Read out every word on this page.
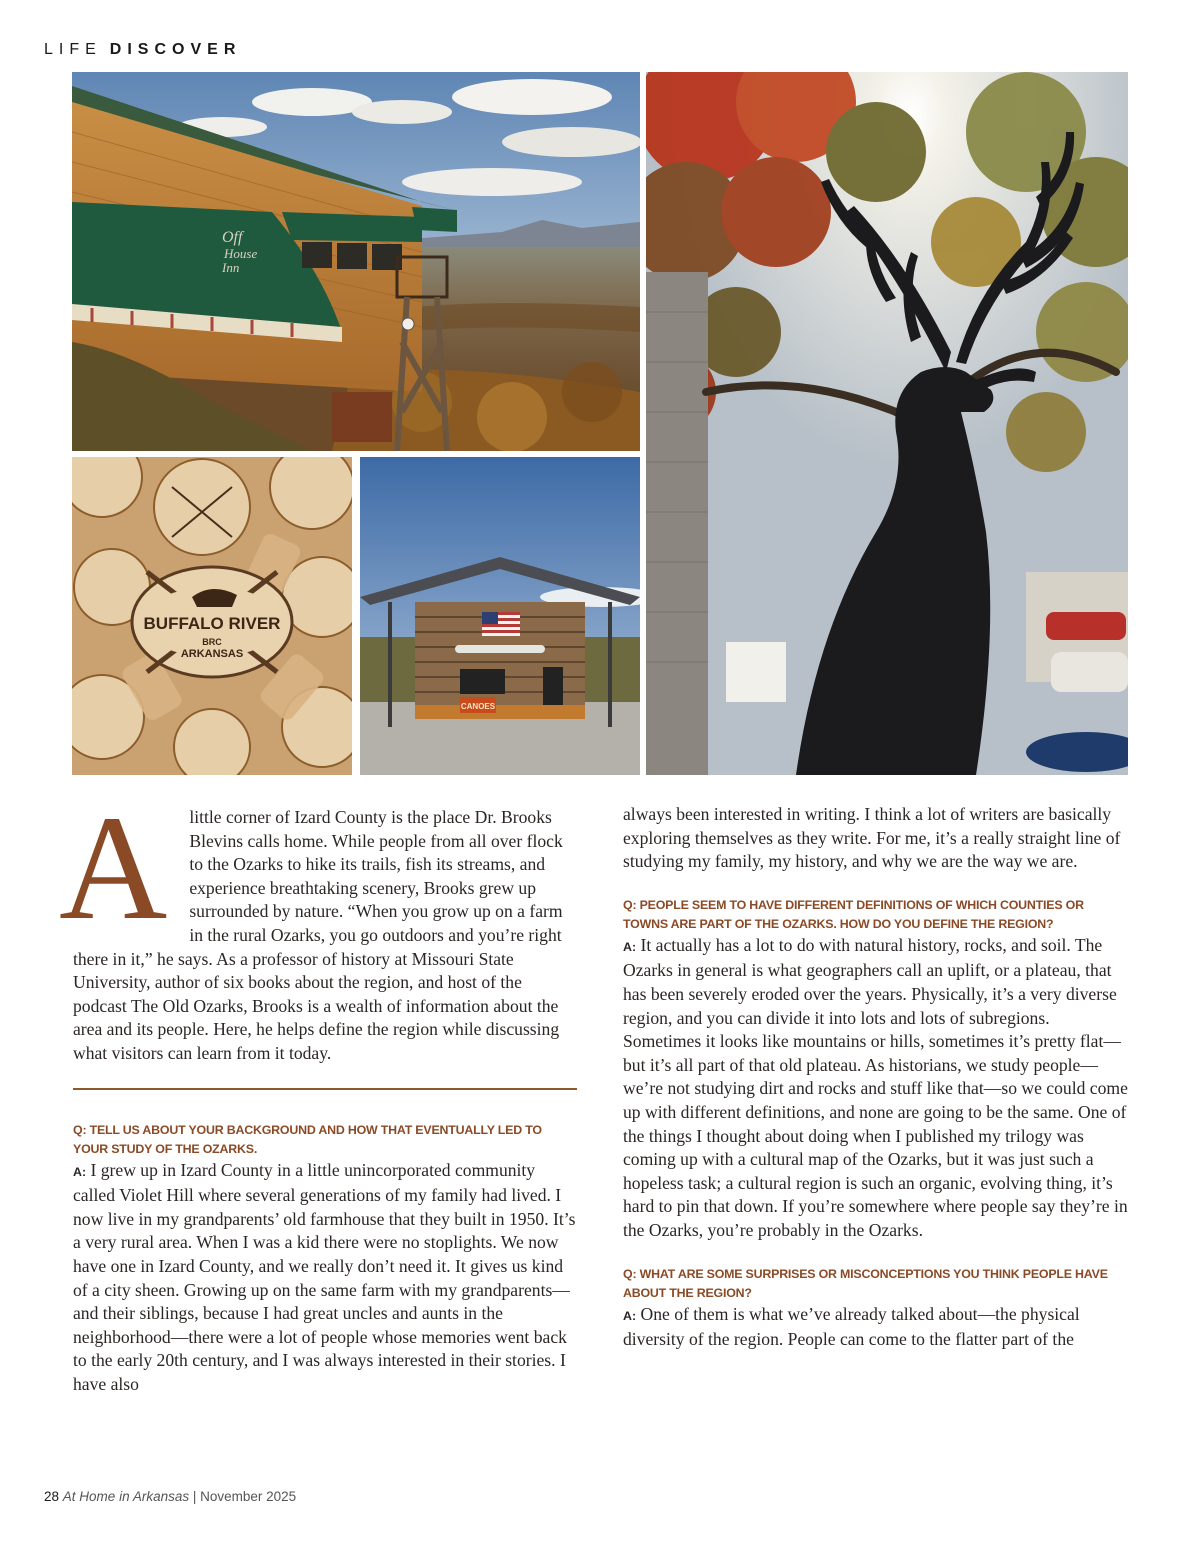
LIFE DISCOVER
Off
House
Inn
BUFFALO RIVER
BRC
ARKANSAS
CANOES

A little corner of Izard County is the place Dr. Brooks Blevins calls home. While people from all over flock to the Ozarks to hike its trails, fish its streams, and experience breathtaking scenery, Brooks grew up surrounded by nature. “When you grow up on a farm in the rural Ozarks, you go outdoors and you’re right there in it,” he says. As a professor of history at Missouri State University, author of six books about the region, and host of the podcast The Old Ozarks, Brooks is a wealth of information about the area and its people. Here, he helps define the region while discussing what visitors can learn from it today.

Q: TELL US ABOUT YOUR BACKGROUND AND HOW THAT EVENTUALLY LED TO YOUR STUDY OF THE OZARKS.

A: I grew up in Izard County in a little unincorporated community called Violet Hill where several generations of my family had lived. I now live in my grandparents’ old farmhouse that they built in 1950. It’s a very rural area. When I was a kid there were no stoplights. We now have one in Izard County, and we really don’t need it. It gives us kind of a city sheen. Growing up on the same farm with my grandparents—and their siblings, because I had great uncles and aunts in the neighborhood—there were a lot of people whose memories went back to the early 20th century, and I was always interested in their stories. I have also

always been interested in writing. I think a lot of writers are basically exploring themselves as they write. For me, it’s a really straight line of studying my family, my history, and why we are the way we are.

Q: PEOPLE SEEM TO HAVE DIFFERENT DEFINITIONS OF WHICH COUNTIES OR TOWNS ARE PART OF THE OZARKS. HOW DO YOU DEFINE THE REGION?

A: It actually has a lot to do with natural history, rocks, and soil. The Ozarks in general is what geographers call an uplift, or a plateau, that has been severely eroded over the years. Physically, it’s a very diverse region, and you can divide it into lots and lots of subregions. Sometimes it looks like mountains or hills, sometimes it’s pretty flat—but it’s all part of that old plateau. As historians, we study people—we’re not studying dirt and rocks and stuff like that—so we could come up with different definitions, and none are going to be the same. One of the things I thought about doing when I published my trilogy was coming up with a cultural map of the Ozarks, but it was just such a hopeless task; a cultural region is such an organic, evolving thing, it’s hard to pin that down. If you’re somewhere where people say they’re in the Ozarks, you’re probably in the Ozarks.

Q: WHAT ARE SOME SURPRISES OR MISCONCEPTIONS YOU THINK PEOPLE HAVE ABOUT THE REGION?

A: One of them is what we’ve already talked about—the physical diversity of the region. People can come to the flatter part of the

28 At Home in Arkansas | November 2025
